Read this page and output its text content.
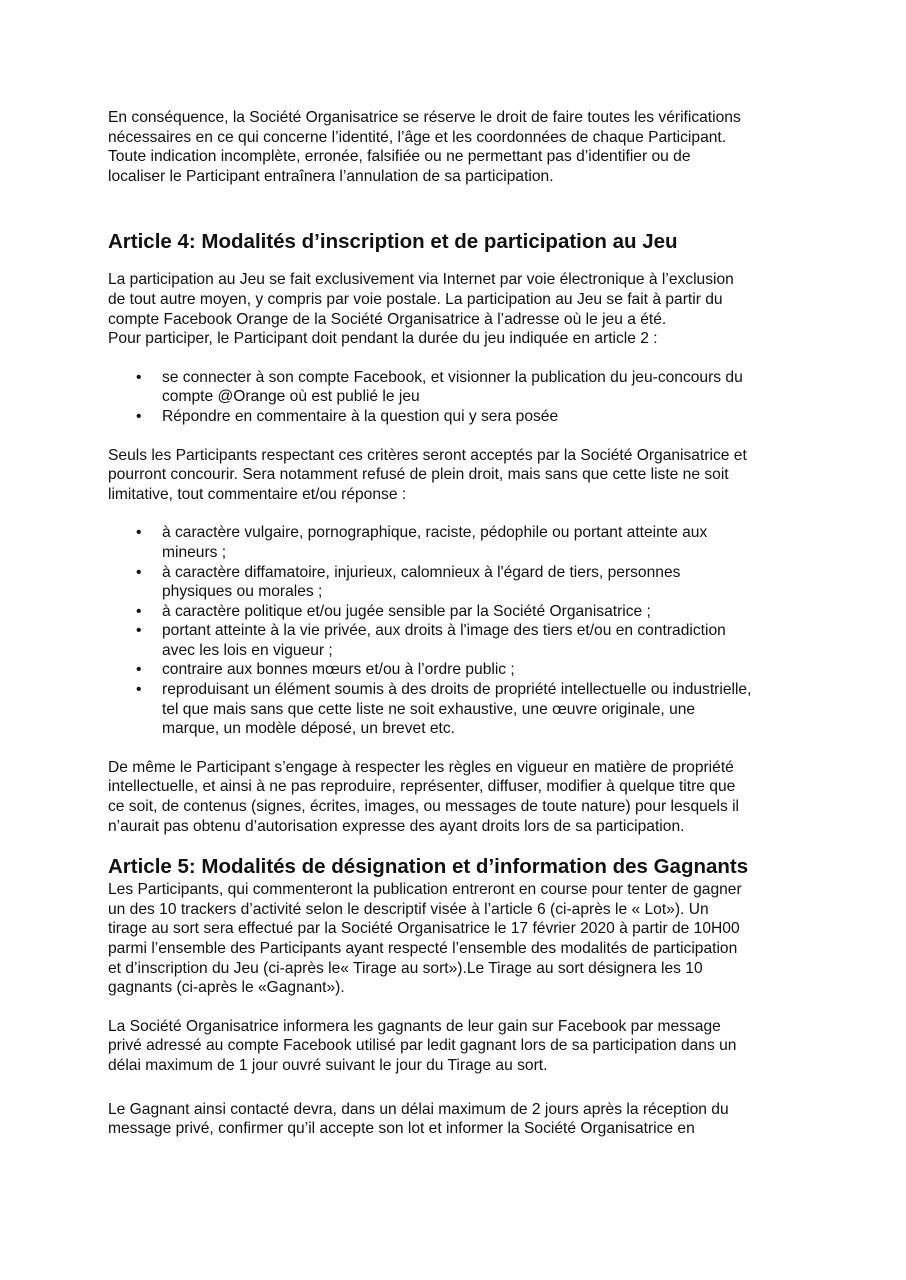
En conséquence, la Société Organisatrice se réserve le droit de faire toutes les vérifications
nécessaires en ce qui concerne l’identité, l’âge et les coordonnées de chaque Participant.
Toute indication incomplète, erronée, falsifiée ou ne permettant pas d’identifier ou de
localiser le Participant entraînera l’annulation de sa participation.

Article 4: Modalités d’inscription et de participation au Jeu

La participation au Jeu se fait exclusivement via Internet par voie électronique à l’exclusion
de tout autre moyen, y compris par voie postale. La participation au Jeu se fait à partir du
compte Facebook Orange de la Société Organisatrice à l’adresse où le jeu a été.
Pour participer, le Participant doit pendant la durée du jeu indiquée en article 2 :

• se connecter à son compte Facebook, et visionner la publication du jeu-concours du
compte @Orange où est publié le jeu
• Répondre en commentaire à la question qui y sera posée

Seuls les Participants respectant ces critères seront acceptés par la Société Organisatrice et
pourront concourir. Sera notamment refusé de plein droit, mais sans que cette liste ne soit
limitative, tout commentaire et/ou réponse :

• à caractère vulgaire, pornographique, raciste, pédophile ou portant atteinte aux
mineurs ;
• à caractère diffamatoire, injurieux, calomnieux à l'égard de tiers, personnes
physiques ou morales ;
• à caractère politique et/ou jugée sensible par la Société Organisatrice ;
• portant atteinte à la vie privée, aux droits à l'image des tiers et/ou en contradiction
avec les lois en vigueur ;
• contraire aux bonnes mœurs et/ou à l’ordre public ;
• reproduisant un élément soumis à des droits de propriété intellectuelle ou industrielle,
tel que mais sans que cette liste ne soit exhaustive, une œuvre originale, une
marque, un modèle déposé, un brevet etc.

De même le Participant s’engage à respecter les règles en vigueur en matière de propriété
intellectuelle, et ainsi à ne pas reproduire, représenter, diffuser, modifier à quelque titre que
ce soit, de contenus (signes, écrites, images, ou messages de toute nature) pour lesquels il
n’aurait pas obtenu d’autorisation expresse des ayant droits lors de sa participation.

Article 5: Modalités de désignation et d’information des Gagnants

Les Participants, qui commenteront la publication entreront en course pour tenter de gagner
un des 10 trackers d’activité selon le descriptif visée à l’article 6 (ci-après le « Lot»). Un
tirage au sort sera effectué par la Société Organisatrice le 17 février 2020 à partir de 10H00
parmi l’ensemble des Participants ayant respecté l’ensemble des modalités de participation
et d’inscription du Jeu (ci-après le« Tirage au sort»).Le Tirage au sort désignera les 10
gagnants (ci-après le «Gagnant»).

La Société Organisatrice informera les gagnants de leur gain sur Facebook par message
privé adressé au compte Facebook utilisé par ledit gagnant lors de sa participation dans un
délai maximum de 1 jour ouvré suivant le jour du Tirage au sort.

Le Gagnant ainsi contacté devra, dans un délai maximum de 2 jours après la réception du
message privé, confirmer qu’il accepte son lot et informer la Société Organisatrice en
